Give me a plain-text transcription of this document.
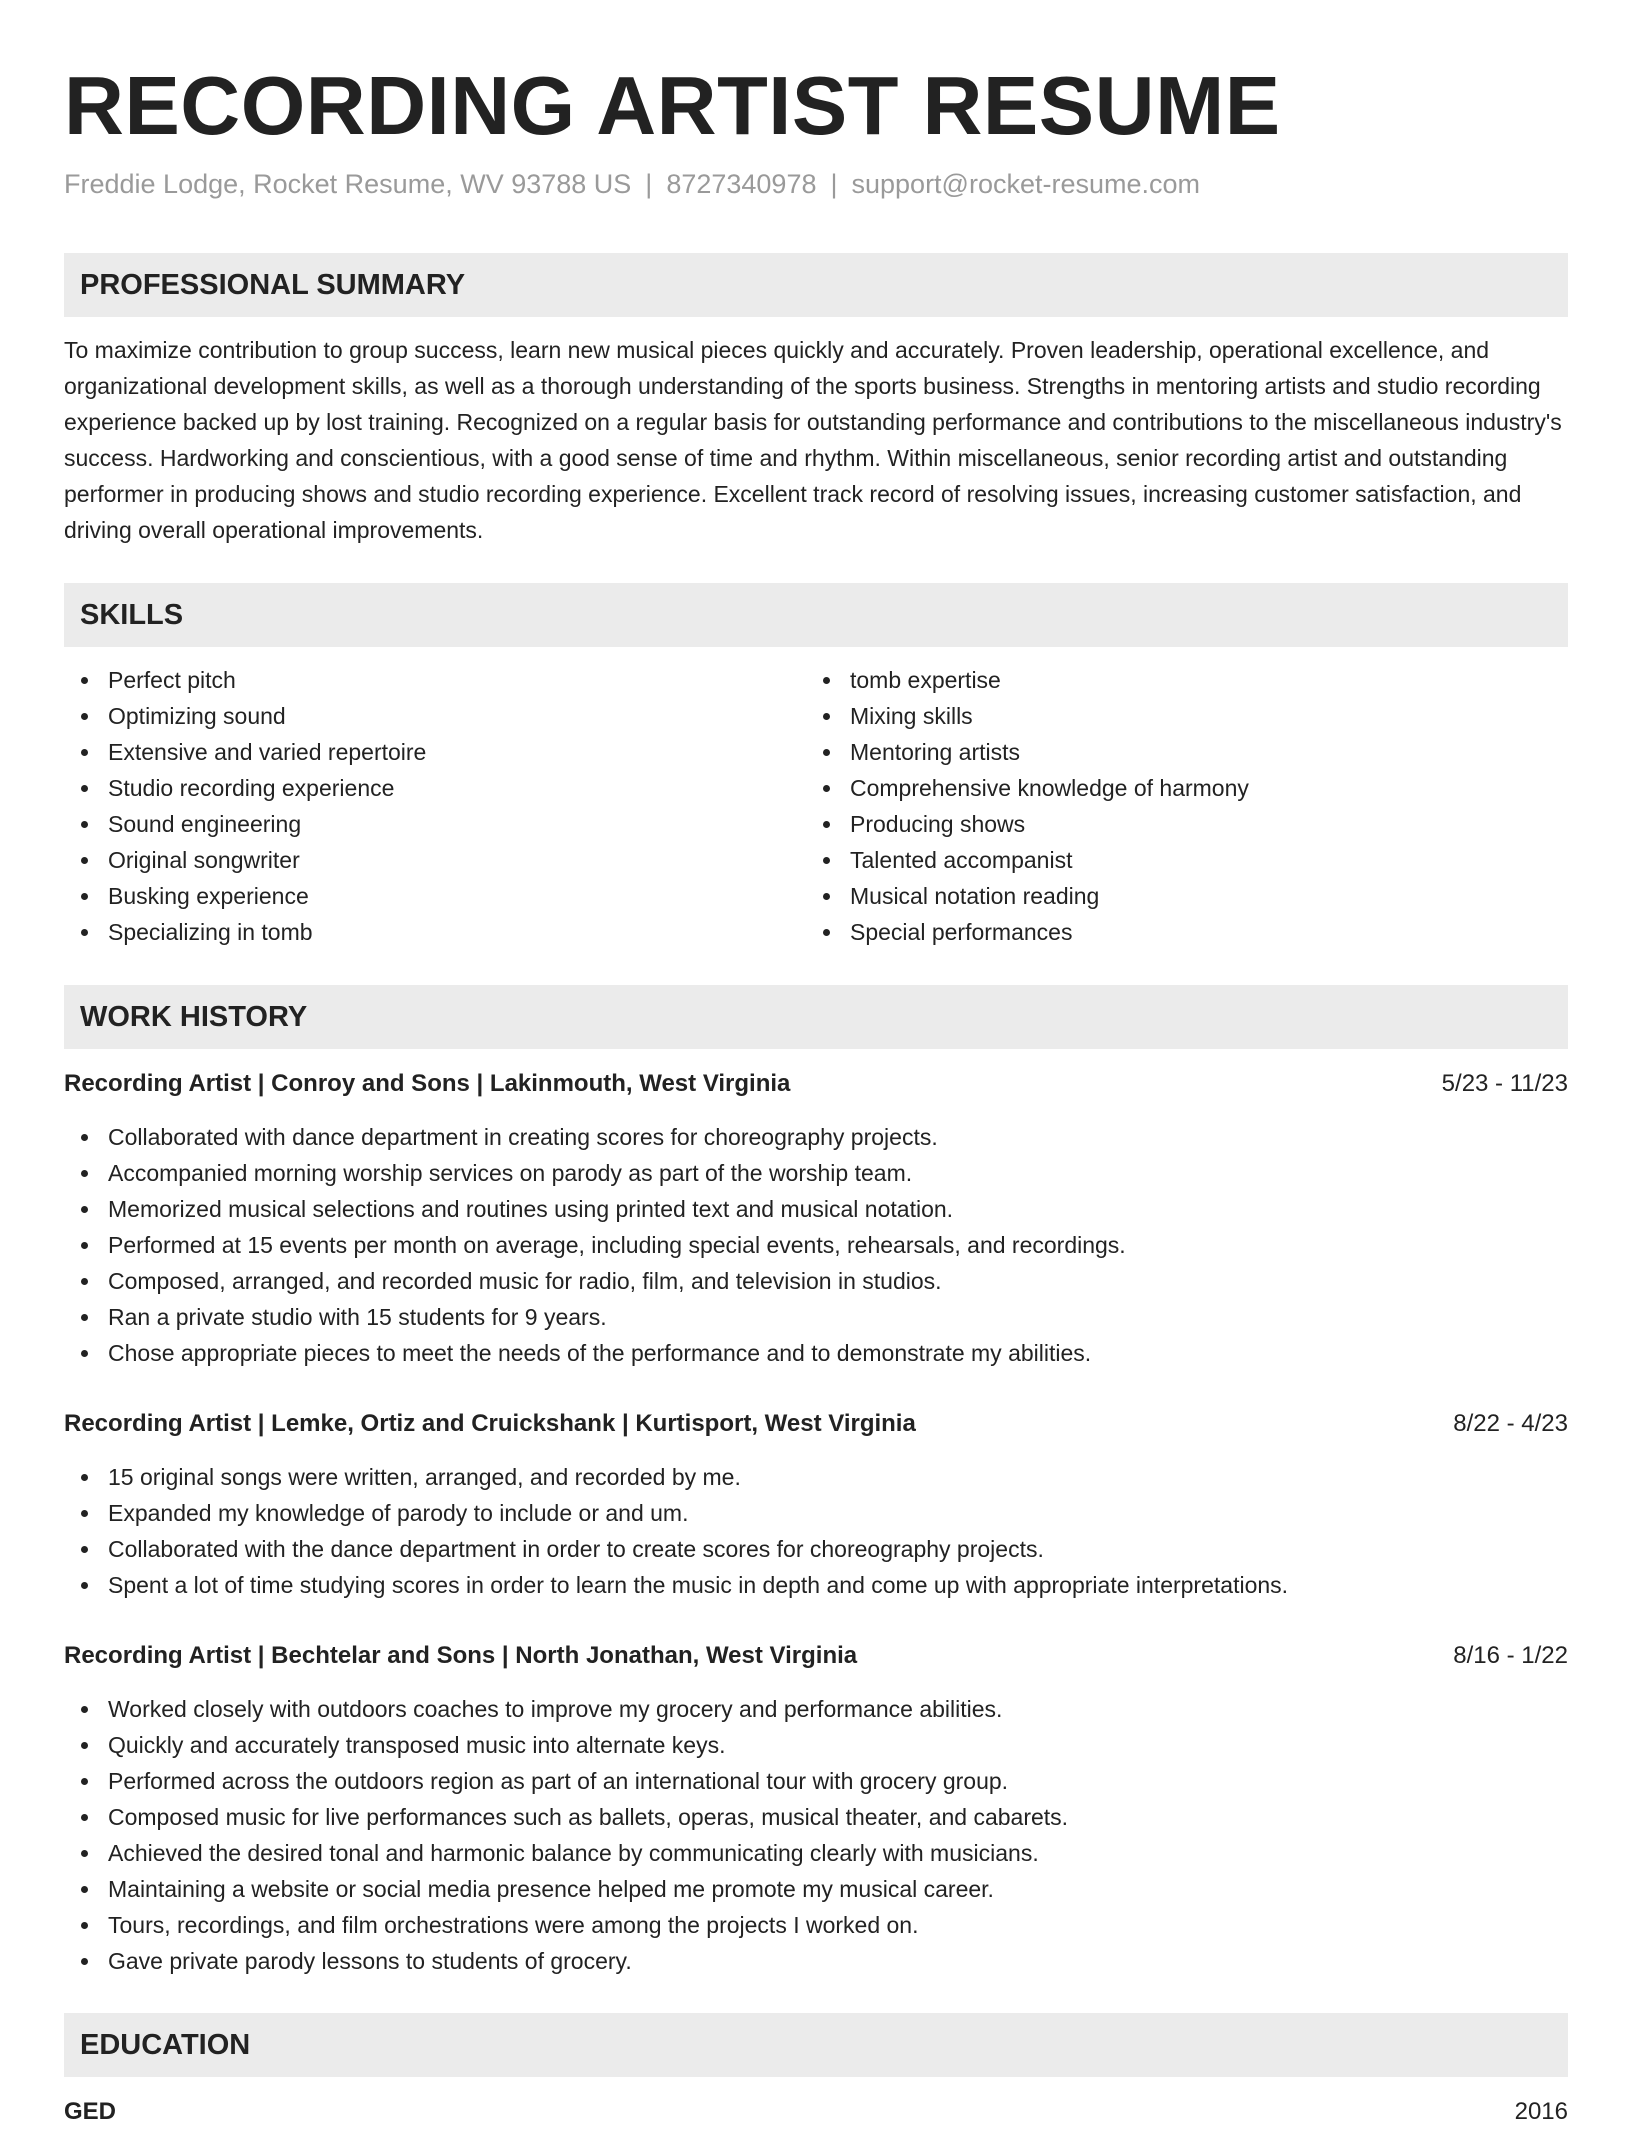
RECORDING ARTIST RESUME
Freddie Lodge, Rocket Resume, WV 93788 US | 8727340978 | support@rocket-resume.com
PROFESSIONAL SUMMARY

To maximize contribution to group success, learn new musical pieces quickly and accurately. Proven leadership, operational excellence, and organizational development skills, as well as a thorough understanding of the sports business. Strengths in mentoring artists and studio recording experience backed up by lost training. Recognized on a regular basis for outstanding performance and contributions to the miscellaneous industry's success. Hardworking and conscientious, with a good sense of time and rhythm. Within miscellaneous, senior recording artist and outstanding performer in producing shows and studio recording experience. Excellent track record of resolving issues, increasing customer satisfaction, and driving overall operational improvements.

SKILLS
Perfect pitch
Optimizing sound
Extensive and varied repertoire
Studio recording experience
Sound engineering
Original songwriter
Busking experience
Specializing in tomb
tomb expertise
Mixing skills
Mentoring artists
Comprehensive knowledge of harmony
Producing shows
Talented accompanist
Musical notation reading
Special performances
WORK HISTORY
Recording Artist | Conroy and Sons | Lakinmouth, West Virginia	5/23 - 11/23
Collaborated with dance department in creating scores for choreography projects.
Accompanied morning worship services on parody as part of the worship team.
Memorized musical selections and routines using printed text and musical notation.
Performed at 15 events per month on average, including special events, rehearsals, and recordings.
Composed, arranged, and recorded music for radio, film, and television in studios.
Ran a private studio with 15 students for 9 years.
Chose appropriate pieces to meet the needs of the performance and to demonstrate my abilities.
Recording Artist | Lemke, Ortiz and Cruickshank | Kurtisport, West Virginia	8/22 - 4/23
15 original songs were written, arranged, and recorded by me.
Expanded my knowledge of parody to include or and um.
Collaborated with the dance department in order to create scores for choreography projects.
Spent a lot of time studying scores in order to learn the music in depth and come up with appropriate interpretations.
Recording Artist | Bechtelar and Sons | North Jonathan, West Virginia	8/16 - 1/22
Worked closely with outdoors coaches to improve my grocery and performance abilities.
Quickly and accurately transposed music into alternate keys.
Performed across the outdoors region as part of an international tour with grocery group.
Composed music for live performances such as ballets, operas, musical theater, and cabarets.
Achieved the desired tonal and harmonic balance by communicating clearly with musicians.
Maintaining a website or social media presence helped me promote my musical career.
Tours, recordings, and film orchestrations were among the projects I worked on.
Gave private parody lessons to students of grocery.
EDUCATION
GED	2016
